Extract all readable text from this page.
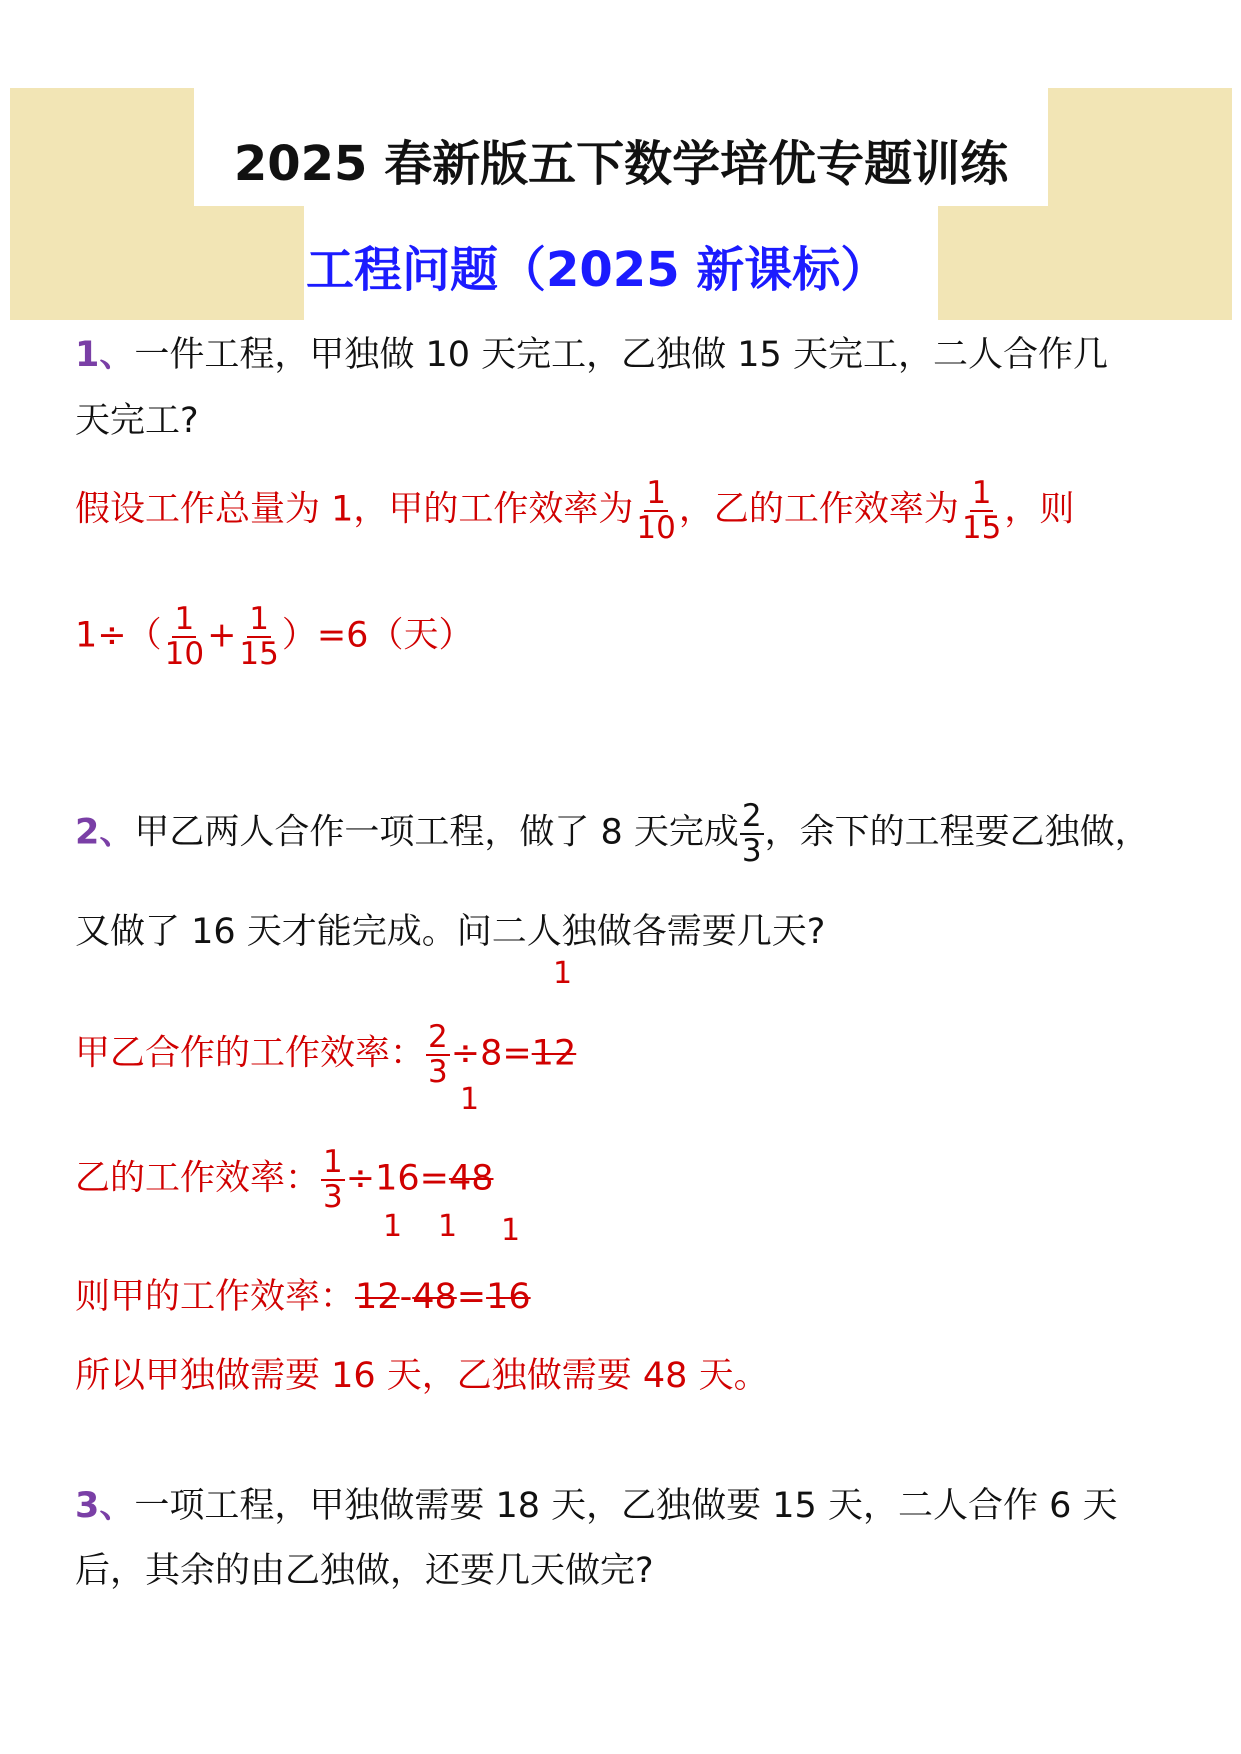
2025 春新版五下数学培优专题训练
工程问题（2025 新课标）
1、一件工程，甲独做 10 天完工，乙独做 15 天完工，二人合作几
天完工?
假设工作总量为 1，甲的工作效率为 $\frac{1}{10}$ ，乙的工作效率为 $\frac{1}{15}$ ，则
$1\div( \frac{1}{10} + \frac{1}{15} )=6$（天）
2、甲乙两人合作一项工程，做了 8 天完成 $\frac{2}{3}$ ，余下的工程要乙独做，
又做了 16 天才能完成。问二人独做各需要几天?
1
甲乙合作的工作效率： $\frac{2}{3} \div 8=12$
1
乙的工作效率： $\frac{1}{3} \div 16=48$
1 1 1
则甲的工作效率：12-48=16
所以甲独做需要 16 天，乙独做需要 48 天。
3、一项工程，甲独做需要 18 天，乙独做要 15 天，二人合作 6 天
后，其余的由乙独做，还要几天做完?
